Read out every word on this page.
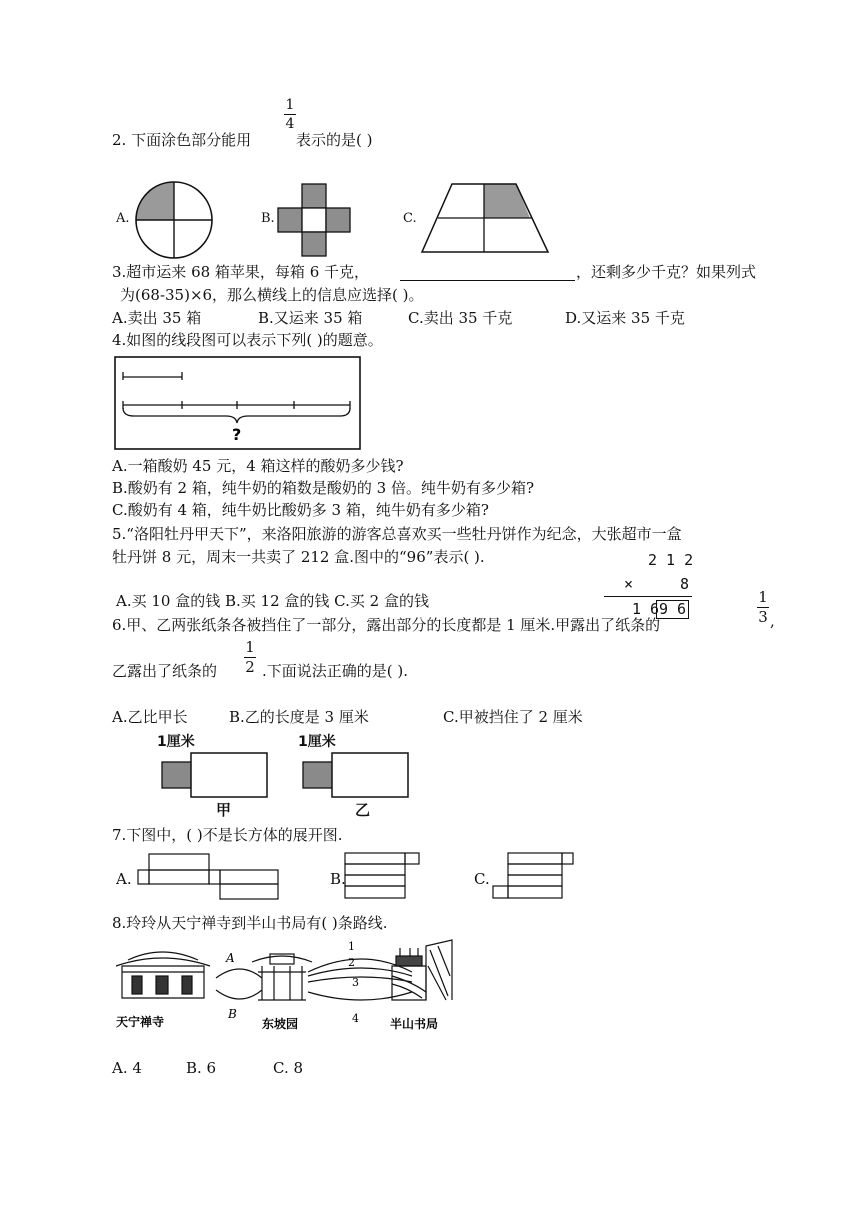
1
4
2. 下面涂色部分能用	表示的是( )
A.	B.	C.
3.超市运来 68 箱苹果，每箱 6 千克，	，还剩多少千克？如果列式
为(68-35)×6，那么横线上的信息应选择( )。
A.卖出 35 箱	B.又运来 35 箱	C.卖出 35 千克	D.又运来 35 千克
4.如图的线段图可以表示下列( )的题意。
?
A.一箱酸奶 45 元，4 箱这样的酸奶多少钱?
B.酸奶有 2 箱，纯牛奶的箱数是酸奶的 3 倍。纯牛奶有多少箱?
C.酸奶有 4 箱，纯牛奶比酸奶多 3 箱，纯牛奶有多少箱?
5.“洛阳牡丹甲天下”，来洛阳旅游的游客总喜欢买一些牡丹饼作为纪念，大张超市一盒
牡丹饼 8 元，周末一共卖了 212 盒.图中的“96”表示( ).	2 1 2
×	8
1 6 9 6
A.买 10 盒的钱 B.买 12 盒的钱 C.买 2 盒的钱
6.甲、乙两张纸条各被挡住了一部分，露出部分的长度都是 1 厘米.甲露出了纸条的
1
3 ,
乙露出了纸条的
1
2 .下面说法正确的是( ).
A.乙比甲长	B.乙的长度是 3 厘米	C.甲被挡住了 2 厘米
1厘米
甲
1厘米
乙
7.下图中，( )不是长方体的展开图.
A.	B.	C.
8.玲玲从天宁禅寺到半山书局有( )条路线.
A
B
1
2
3
4
天宁禅寺	东坡园	半山书局
A. 4	B. 6	C. 8
